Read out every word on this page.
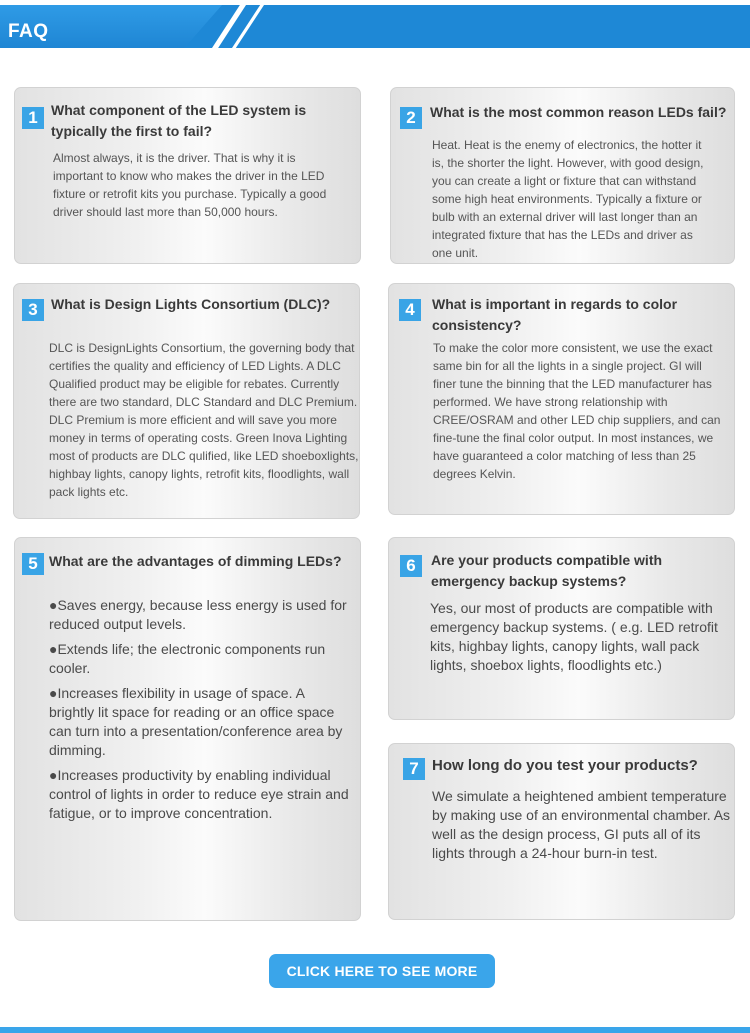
FAQ
1 What component of the LED system is typically the first to fail?
Almost always, it is the driver. That is why it is important to know who makes the driver in the LED fixture or retrofit kits you purchase. Typically a good driver should last more than 50,000 hours.
2	What is the most common reason LEDs fail?
Heat. Heat is the enemy of electronics, the hotter it is, the shorter the light. However, with good design, you can create a light or fixture that can withstand some high heat environments. Typically a fixture or bulb with an external driver will last longer than an integrated fixture that has the LEDs and driver as one unit.
3 What is Design Lights Consortium (DLC)?
DLC is DesignLights Consortium, the governing body that certifies the quality and efficiency of LED Lights. A DLC Qualified product may be eligible for rebates. Currently there are two standard, DLC Standard and DLC Premium. DLC Premium is more efficient and will save you more money in terms of operating costs. Green Inova Lighting most of products are DLC qulified, like LED shoeboxlights, highbay lights, canopy lights, retrofit kits, floodlights, wall pack lights etc.
4	What is important in regards to color consistency?
To make the color more consistent, we use the exact same bin for all the lights in a single project. GI will finer tune the binning that the LED manufacturer has performed. We have strong relationship with CREE/OSRAM and other LED chip suppliers, and can fine-tune the final color output. In most instances, we have guaranteed a color matching of less than 25 degrees Kelvin.
5 What are the advantages of dimming LEDs?

●Saves energy, because less energy is used for reduced output levels.

●Extends life; the electronic components run cooler.

●Increases flexibility in usage of space. A brightly lit space for reading or an office space can turn into a presentation/conference area by dimming.

●Increases productivity by enabling individual control of lights in order to reduce eye strain and fatigue, or to improve concentration.

6	Are your products compatible with emergency backup systems?
Yes, our most of products are compatible with emergency backup systems. ( e.g. LED retrofit kits, highbay lights, canopy lights, wall pack lights, shoebox lights, floodlights etc.)
7 How long do you test your products?
We simulate a heightened ambient temperature by making use of an environmental chamber. As well as the design process, GI puts all of its lights through a 24-hour burn-in test.
CLICK HERE TO SEE MORE
